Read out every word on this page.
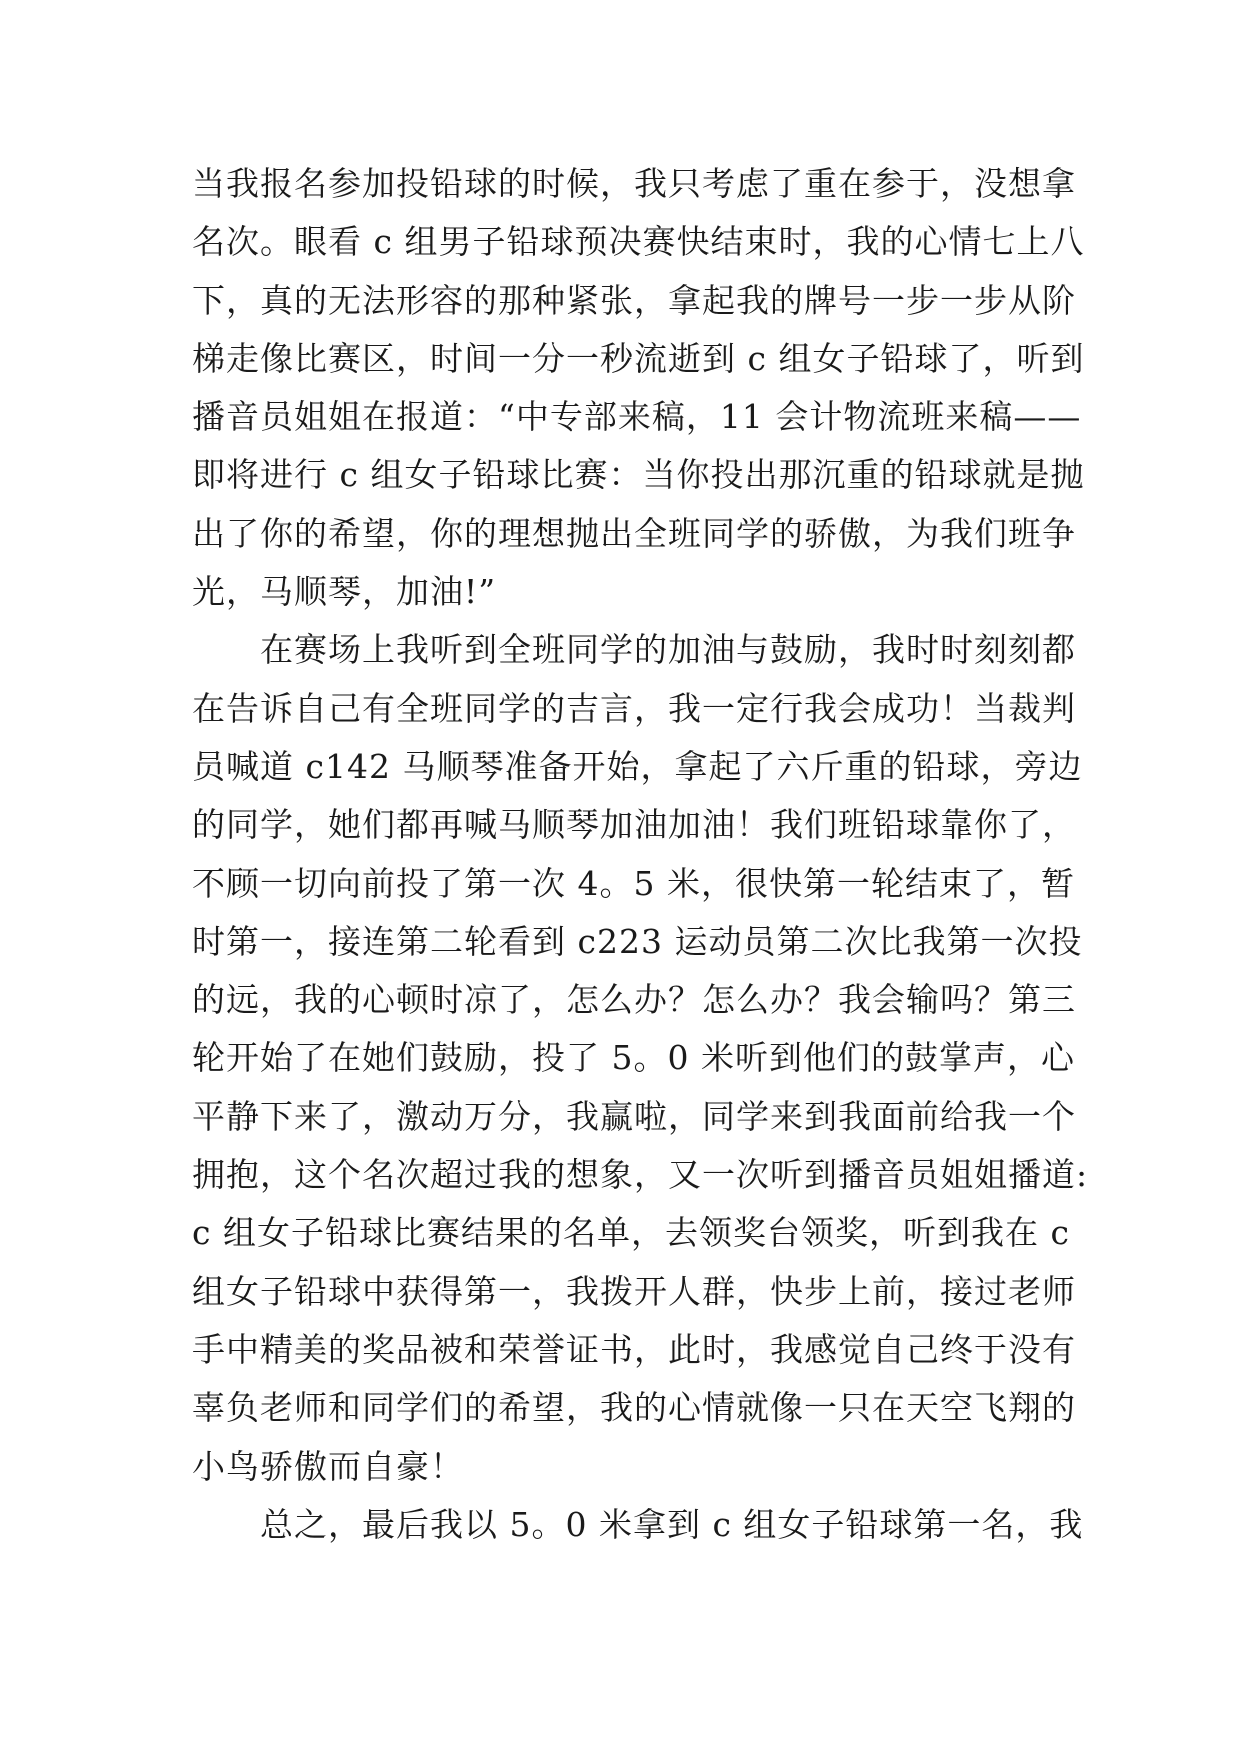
当我报名参加投铅球的时候，我只考虑了重在参于，没想拿
名次。眼看 c 组男子铅球预决赛快结束时，我的心情七上八
下，真的无法形容的那种紧张，拿起我的牌号一步一步从阶
梯走像比赛区，时间一分一秒流逝到 c 组女子铅球了，听到
播音员姐姐在报道：“中专部来稿，11 会计物流班来稿——
即将进行 c 组女子铅球比赛：当你投出那沉重的铅球就是抛
出了你的希望，你的理想抛出全班同学的骄傲，为我们班争
光，马顺琴，加油!”
在赛场上我听到全班同学的加油与鼓励，我时时刻刻都
在告诉自己有全班同学的吉言，我一定行我会成功！当裁判
员喊道 c142 马顺琴准备开始，拿起了六斤重的铅球，旁边
的同学，她们都再喊马顺琴加油加油！我们班铅球靠你了，
不顾一切向前投了第一次 4。5 米，很快第一轮结束了，暂
时第一，接连第二轮看到 c223 运动员第二次比我第一次投
的远，我的心顿时凉了，怎么办？怎么办？我会输吗？第三
轮开始了在她们鼓励，投了 5。0 米听到他们的鼓掌声，心
平静下来了，激动万分，我赢啦，同学来到我面前给我一个
拥抱，这个名次超过我的想象，又一次听到播音员姐姐播道:
c 组女子铅球比赛结果的名单，去领奖台领奖，听到我在 c
组女子铅球中获得第一，我拨开人群，快步上前，接过老师
手中精美的奖品被和荣誉证书，此时，我感觉自己终于没有
辜负老师和同学们的希望，我的心情就像一只在天空飞翔的
小鸟骄傲而自豪！
总之，最后我以 5。0 米拿到 c 组女子铅球第一名，我
